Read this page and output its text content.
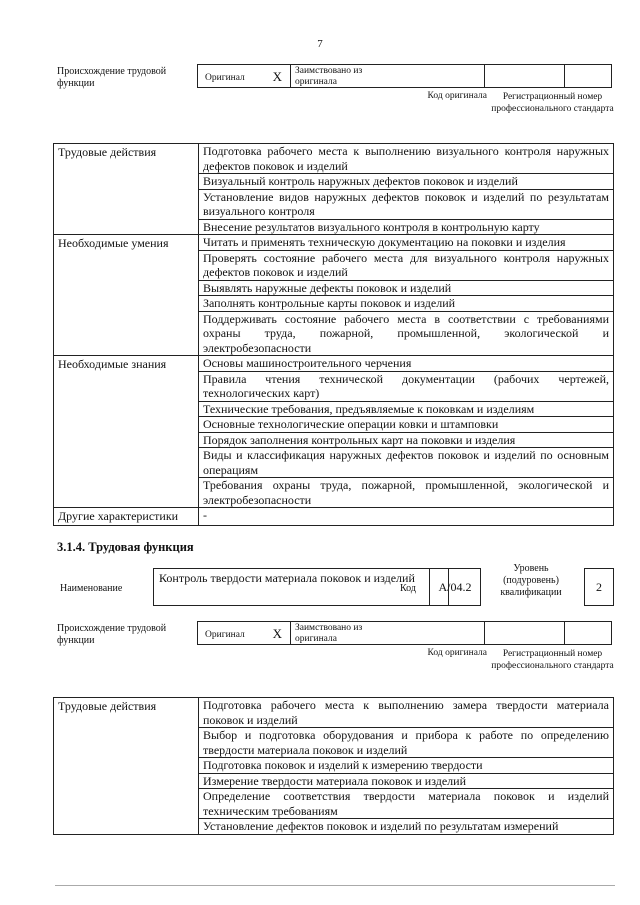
7
Происхождение трудовой функции	Оригинал X Заимствовано из оригинала
Код оригинала	Регистрационный номер профессионального стандарта
Трудовые действия	Подготовка рабочего места к выполнению визуального контроля наружных дефектов поковок и изделий
Визуальный контроль наружных дефектов поковок и изделий
Установление видов наружных дефектов поковок и изделий по результатам визуального контроля
Внесение результатов визуального контроля в контрольную карту
Необходимые умения	Читать и применять техническую документацию на поковки и изделия
Проверять состояние рабочего места для визуального контроля наружных дефектов поковок и изделий
Выявлять наружные дефекты поковок и изделий
Заполнять контрольные карты поковок и изделий
Поддерживать состояние рабочего места в соответствии с требованиями охраны труда, пожарной, промышленной, экологической и электробезопасности
Необходимые знания	Основы машиностроительного черчения
Правила чтения технической документации (рабочих чертежей, технологических карт)
Технические требования, предъявляемые к поковкам и изделиям
Основные технологические операции ковки и штамповки
Порядок заполнения контрольных карт на поковки и изделия
Виды и классификация наружных дефектов поковок и изделий по основным операциям
Требования охраны труда, пожарной, промышленной, экологической и электробезопасности
Другие характеристики	-
3.1.4. Трудовая функция
Наименование
Контроль твердости материала поковок и изделий
Код	A/04.2
Уровень (подуровень) квалификации	2
Происхождение трудовой функции	Оригинал X Заимствовано из оригинала
Код оригинала	Регистрационный номер профессионального стандарта
Трудовые действия	Подготовка рабочего места к выполнению замера твердости материала поковок и изделий
Выбор и подготовка оборудования и прибора к работе по определению твердости материала поковок и изделий
Подготовка поковок и изделий к измерению твердости
Измерение твердости материала поковок и изделий
Определение соответствия твердости материала поковок и изделий техническим требованиям
Установление дефектов поковок и изделий по результатам измерений
